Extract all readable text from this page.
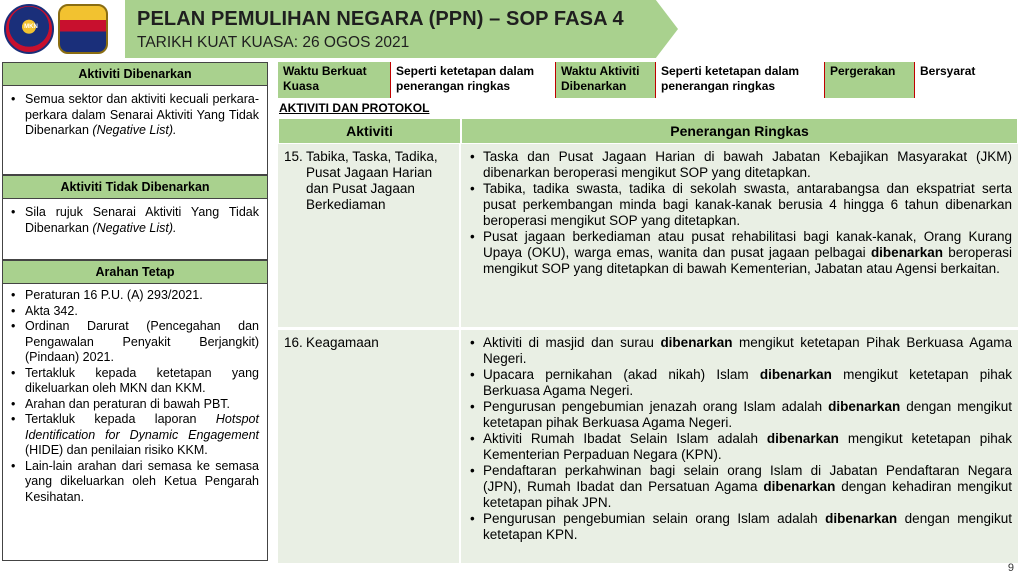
MKN	PELAN PEMULIHAN NEGARA (PPN) – SOP FASA 4
TARIKH KUAT KUASA: 26 OGOS 2021
Aktiviti Dibenarkan
• Semua sektor dan aktiviti kecuali perkara-perkara dalam Senarai Aktiviti Yang Tidak Dibenarkan (Negative List).
Aktiviti Tidak Dibenarkan
• Sila rujuk Senarai Aktiviti Yang Tidak Dibenarkan (Negative List).
Arahan Tetap
• Peraturan 16 P.U. (A) 293/2021.
• Akta 342.
• Ordinan Darurat (Pencegahan dan Pengawalan Penyakit Berjangkit) (Pindaan) 2021.
• Tertakluk kepada ketetapan yang dikeluarkan oleh MKN dan KKM.
• Arahan dan peraturan di bawah PBT.
• Tertakluk kepada laporan Hotspot Identification for Dynamic Engagement (HIDE) dan penilaian risiko KKM.
• Lain-lain arahan dari semasa ke semasa yang dikeluarkan oleh Ketua Pengarah Kesihatan.
Waktu Berkuat Kuasa
Seperti ketetapan dalam penerangan ringkas
Waktu Aktiviti Dibenarkan
Seperti ketetapan dalam penerangan ringkas
Pergerakan	Bersyarat
AKTIVITI DAN PROTOKOL
Aktiviti	Penerangan Ringkas
15. Tabika, Taska, Tadika, Pusat Jagaan Harian dan Pusat Jagaan Berkediaman
• Taska dan Pusat Jagaan Harian di bawah Jabatan Kebajikan Masyarakat (JKM) dibenarkan beroperasi mengikut SOP yang ditetapkan.
• Tabika, tadika swasta, tadika di sekolah swasta, antarabangsa dan ekspatriat serta pusat perkembangan minda bagi kanak-kanak berusia 4 hingga 6 tahun dibenarkan beroperasi mengikut SOP yang ditetapkan.
• Pusat jagaan berkediaman atau pusat rehabilitasi bagi kanak-kanak, Orang Kurang Upaya (OKU), warga emas, wanita dan pusat jagaan pelbagai dibenarkan beroperasi mengikut SOP yang ditetapkan di bawah Kementerian, Jabatan atau Agensi berkaitan.
16. Keagamaan
•	Aktiviti di masjid dan surau dibenarkan mengikut ketetapan Pihak Berkuasa Agama Negeri.
• Upacara pernikahan (akad nikah) Islam dibenarkan mengikut ketetapan pihak Berkuasa Agama Negeri.
• Pengurusan pengebumian jenazah orang Islam adalah dibenarkan dengan mengikut ketetapan pihak Berkuasa Agama Negeri.
• Aktiviti Rumah Ibadat Selain Islam adalah dibenarkan mengikut ketetapan pihak Kementerian Perpaduan Negara (KPN).
• Pendaftaran perkahwinan bagi selain orang Islam di Jabatan Pendaftaran Negara (JPN), Rumah Ibadat dan Persatuan Agama dibenarkan dengan kehadiran mengikut ketetapan pihak JPN.
• Pengurusan pengebumian selain orang Islam adalah dibenarkan dengan mengikut ketetapan KPN.
9
